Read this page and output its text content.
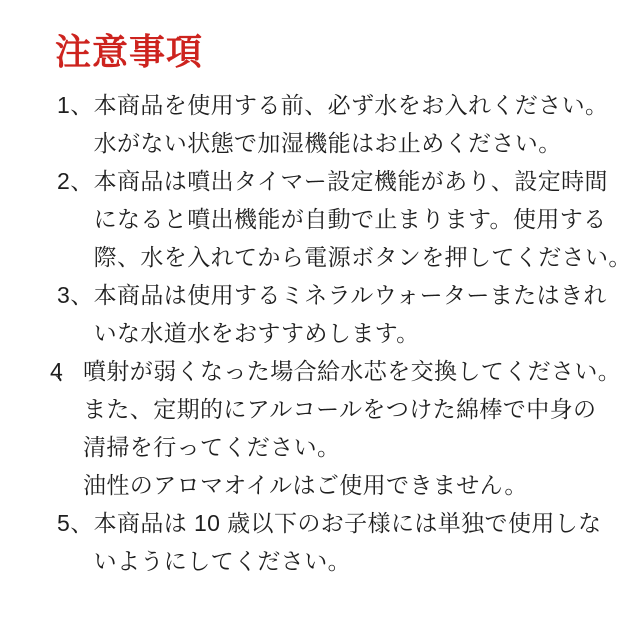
注意事項
1、 本商品を使用する前、必ず水をお入れください。
水がない状態で加湿機能はお止めください。
2、 本商品は噴出タイマー設定機能があり、設定時間
になると噴出機能が自動で止まります。使用する
際、水を入れてから電源ボタンを押してください。
3、 本商品は使用するミネラルウォーターまたはきれ
いな水道水をおすすめします。
4、 噴射が弱くなった場合給水芯を交換してください。
また、定期的にアルコールをつけた綿棒で中身の
清掃を行ってください。
油性のアロマオイルはご使用できません。
5、 本商品は 10 歳以下のお子様には単独で使用しな
いようにしてください。
